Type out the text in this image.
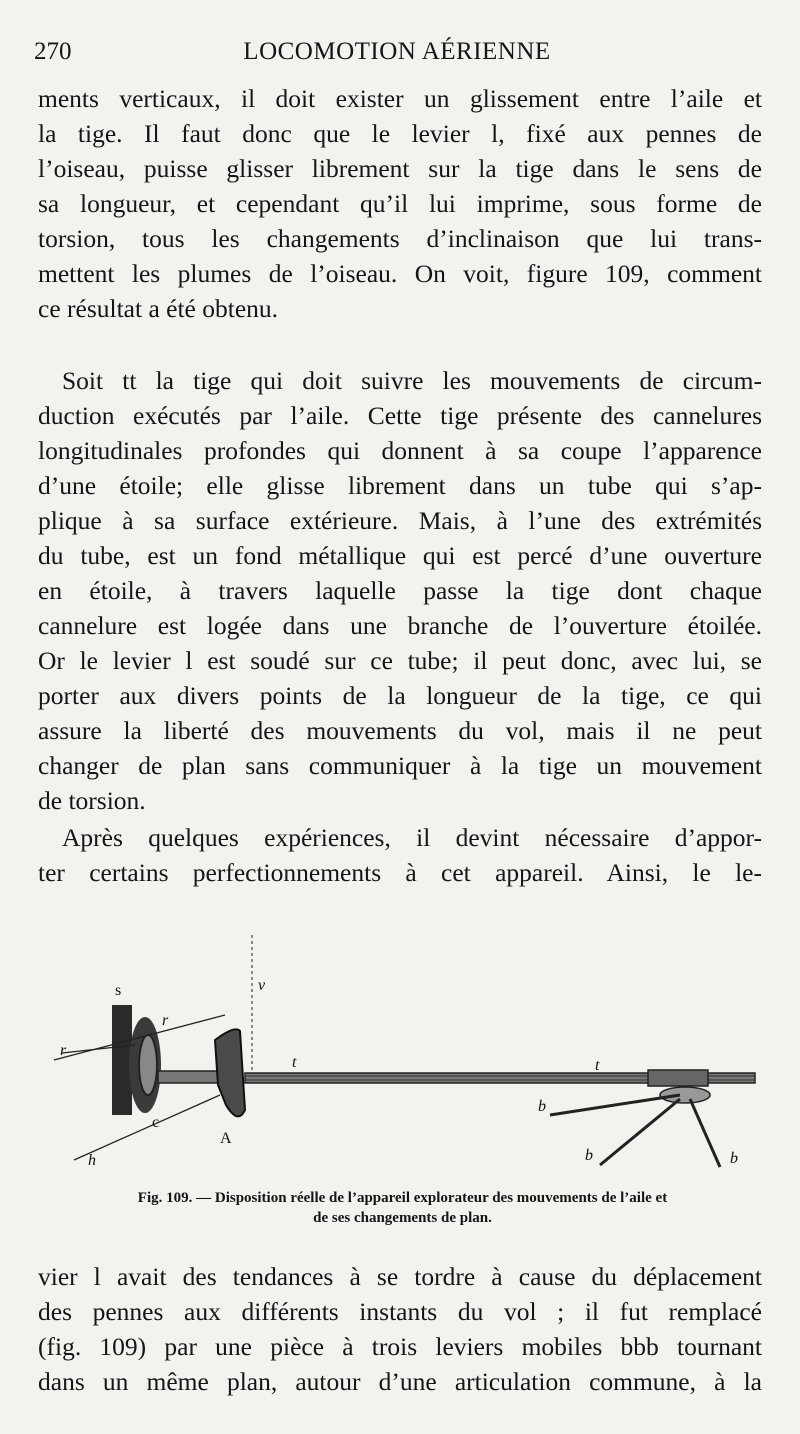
270	LOCOMOTION AÉRIENNE
ments verticaux, il doit exister un glissement entre l’aile et
la tige. Il faut donc que le levier l, fixé aux pennes de
l’oiseau, puisse glisser librement sur la tige dans le sens de
sa longueur, et cependant qu’il lui imprime, sous forme de
torsion, tous les changements d’inclinaison que lui trans-
mettent les plumes de l’oiseau. On voit, figure 109, comment
ce résultat a été obtenu.
Soit tt la tige qui doit suivre les mouvements de circum-
duction exécutés par l’aile. Cette tige présente des cannelures
longitudinales profondes qui donnent à sa coupe l’apparence
d’une étoile; elle glisse librement dans un tube qui s’ap-
plique à sa surface extérieure. Mais, à l’une des extrémités
du tube, est un fond métallique qui est percé d’une ouverture
en étoile, à travers laquelle passe la tige dont chaque
cannelure est logée dans une branche de l’ouverture étoilée.
Or le levier l est soudé sur ce tube; il peut donc, avec lui, se
porter aux divers points de la longueur de la tige, ce qui
assure la liberté des mouvements du vol, mais il ne peut
changer de plan sans communiquer à la tige un mouvement
de torsion.
Après quelques expériences, il devint nécessaire d’appor-
ter certains perfectionnements à cet appareil. Ainsi, le le-
s
r
r
v
t	t
c
h
A
b
b	b
Fig. 109. — Disposition réelle de l’appareil explorateur des mouvements de l’aile et
de ses changements de plan.
vier l avait des tendances à se tordre à cause du déplacement
des pennes aux différents instants du vol ; il fut remplacé
(fig. 109) par une pièce à trois leviers mobiles bbb tournant
dans un même plan, autour d’une articulation commune, à la
